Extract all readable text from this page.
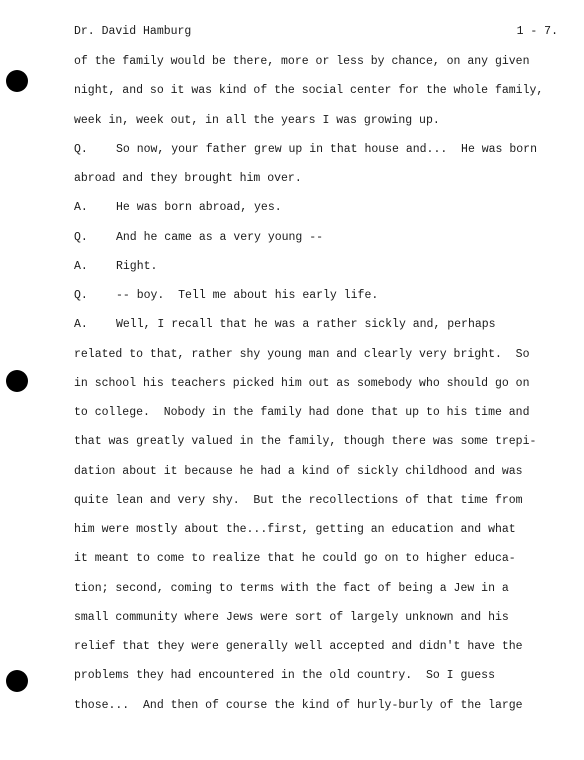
Dr. David Hamburg	1 - 7.
of the family would be there, more or less by chance, on any given
night, and so it was kind of the social center for the whole family,
week in, week out, in all the years I was growing up.
Q. So now, your father grew up in that house and...  He was born
abroad and they brought him over.
A. He was born abroad, yes.
Q. And he came as a very young --
A. Right.
Q. -- boy.  Tell me about his early life.
A. Well, I recall that he was a rather sickly and, perhaps
related to that, rather shy young man and clearly very bright.  So
in school his teachers picked him out as somebody who should go on
to college.  Nobody in the family had done that up to his time and
that was greatly valued in the family, though there was some trepi-
dation about it because he had a kind of sickly childhood and was
quite lean and very shy.  But the recollections of that time from
him were mostly about the...first, getting an education and what
it meant to come to realize that he could go on to higher educa-
tion; second, coming to terms with the fact of being a Jew in a
small community where Jews were sort of largely unknown and his
relief that they were generally well accepted and didn't have the
problems they had encountered in the old country.  So I guess
those...  And then of course the kind of hurly-burly of the large
